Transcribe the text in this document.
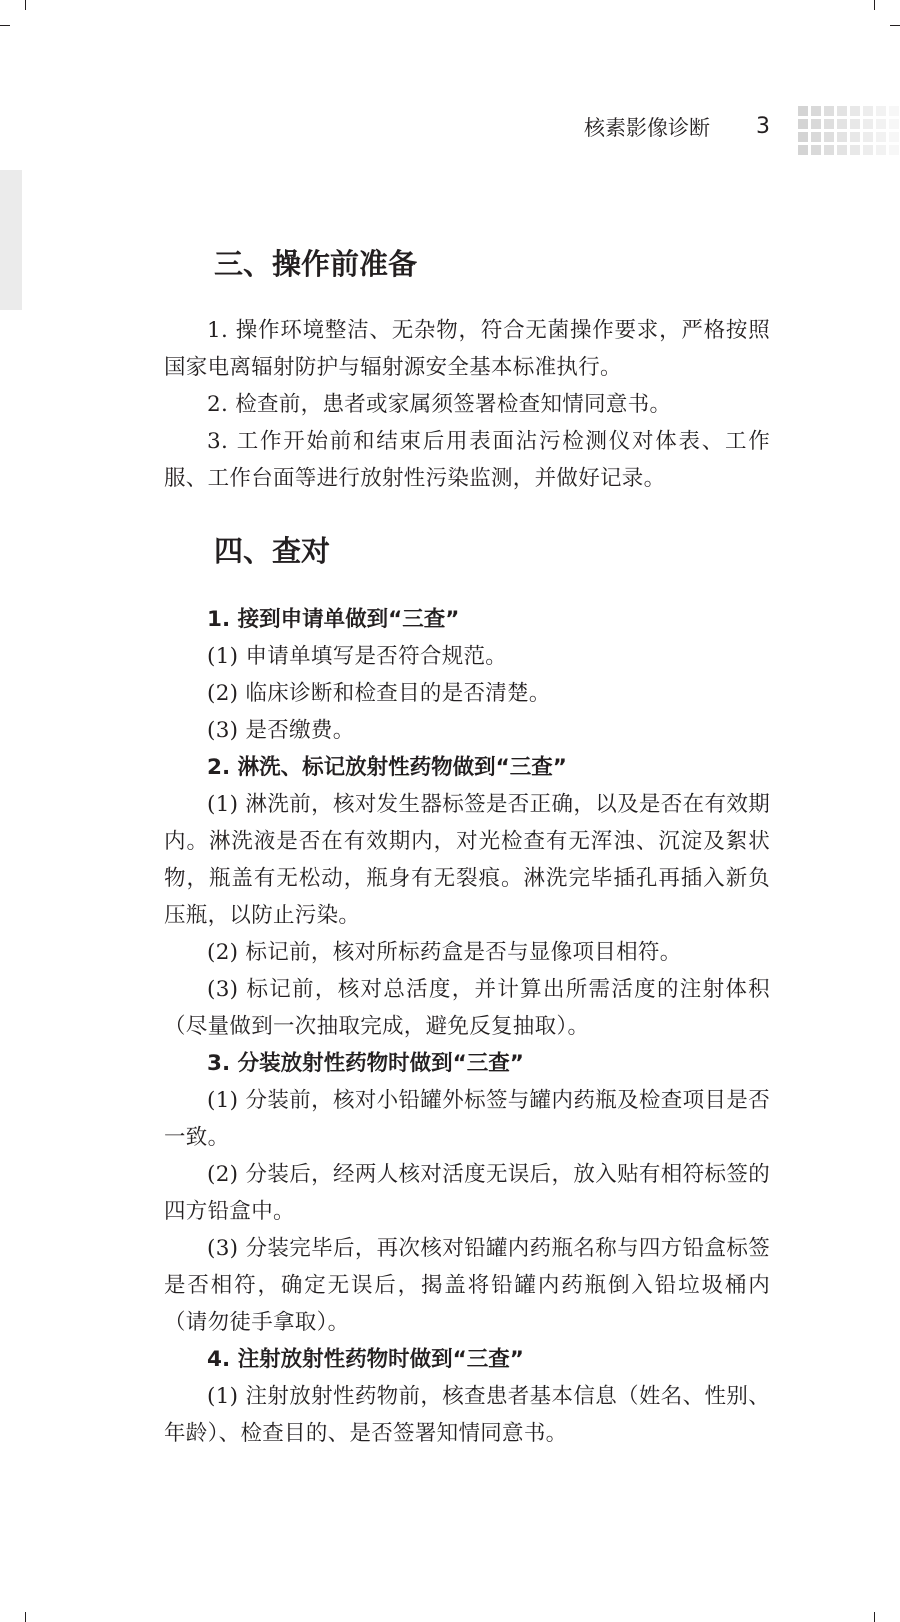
核素影像诊断 3
三、操作前准备

1. 操作环境整洁、无杂物，符合无菌操作要求，严格按照国家电离辐射防护与辐射源安全基本标准执行。

2. 检查前，患者或家属须签署检查知情同意书。

3. 工作开始前和结束后用表面沾污检测仪对体表、工作服、工作台面等进行放射性污染监测，并做好记录。

四、查对

1. 接到申请单做到“三查”

(1) 申请单填写是否符合规范。

(2) 临床诊断和检查目的是否清楚。

(3) 是否缴费。

2. 淋洗、标记放射性药物做到“三查”

(1) 淋洗前，核对发生器标签是否正确，以及是否在有效期内。淋洗液是否在有效期内，对光检查有无浑浊、沉淀及絮状物，瓶盖有无松动，瓶身有无裂痕。淋洗完毕插孔再插入新负压瓶，以防止污染。

(2) 标记前，核对所标药盒是否与显像项目相符。

(3) 标记前，核对总活度，并计算出所需活度的注射体积（尽量做到一次抽取完成，避免反复抽取）。

3. 分装放射性药物时做到“三查”

(1) 分装前，核对小铅罐外标签与罐内药瓶及检查项目是否一致。

(2) 分装后，经两人核对活度无误后，放入贴有相符标签的四方铅盒中。

(3) 分装完毕后，再次核对铅罐内药瓶名称与四方铅盒标签是否相符，确定无误后，揭盖将铅罐内药瓶倒入铅垃圾桶内（请勿徒手拿取）。

4. 注射放射性药物时做到“三查”

(1) 注射放射性药物前，核查患者基本信息（姓名、性别、年龄）、检查目的、是否签署知情同意书。
